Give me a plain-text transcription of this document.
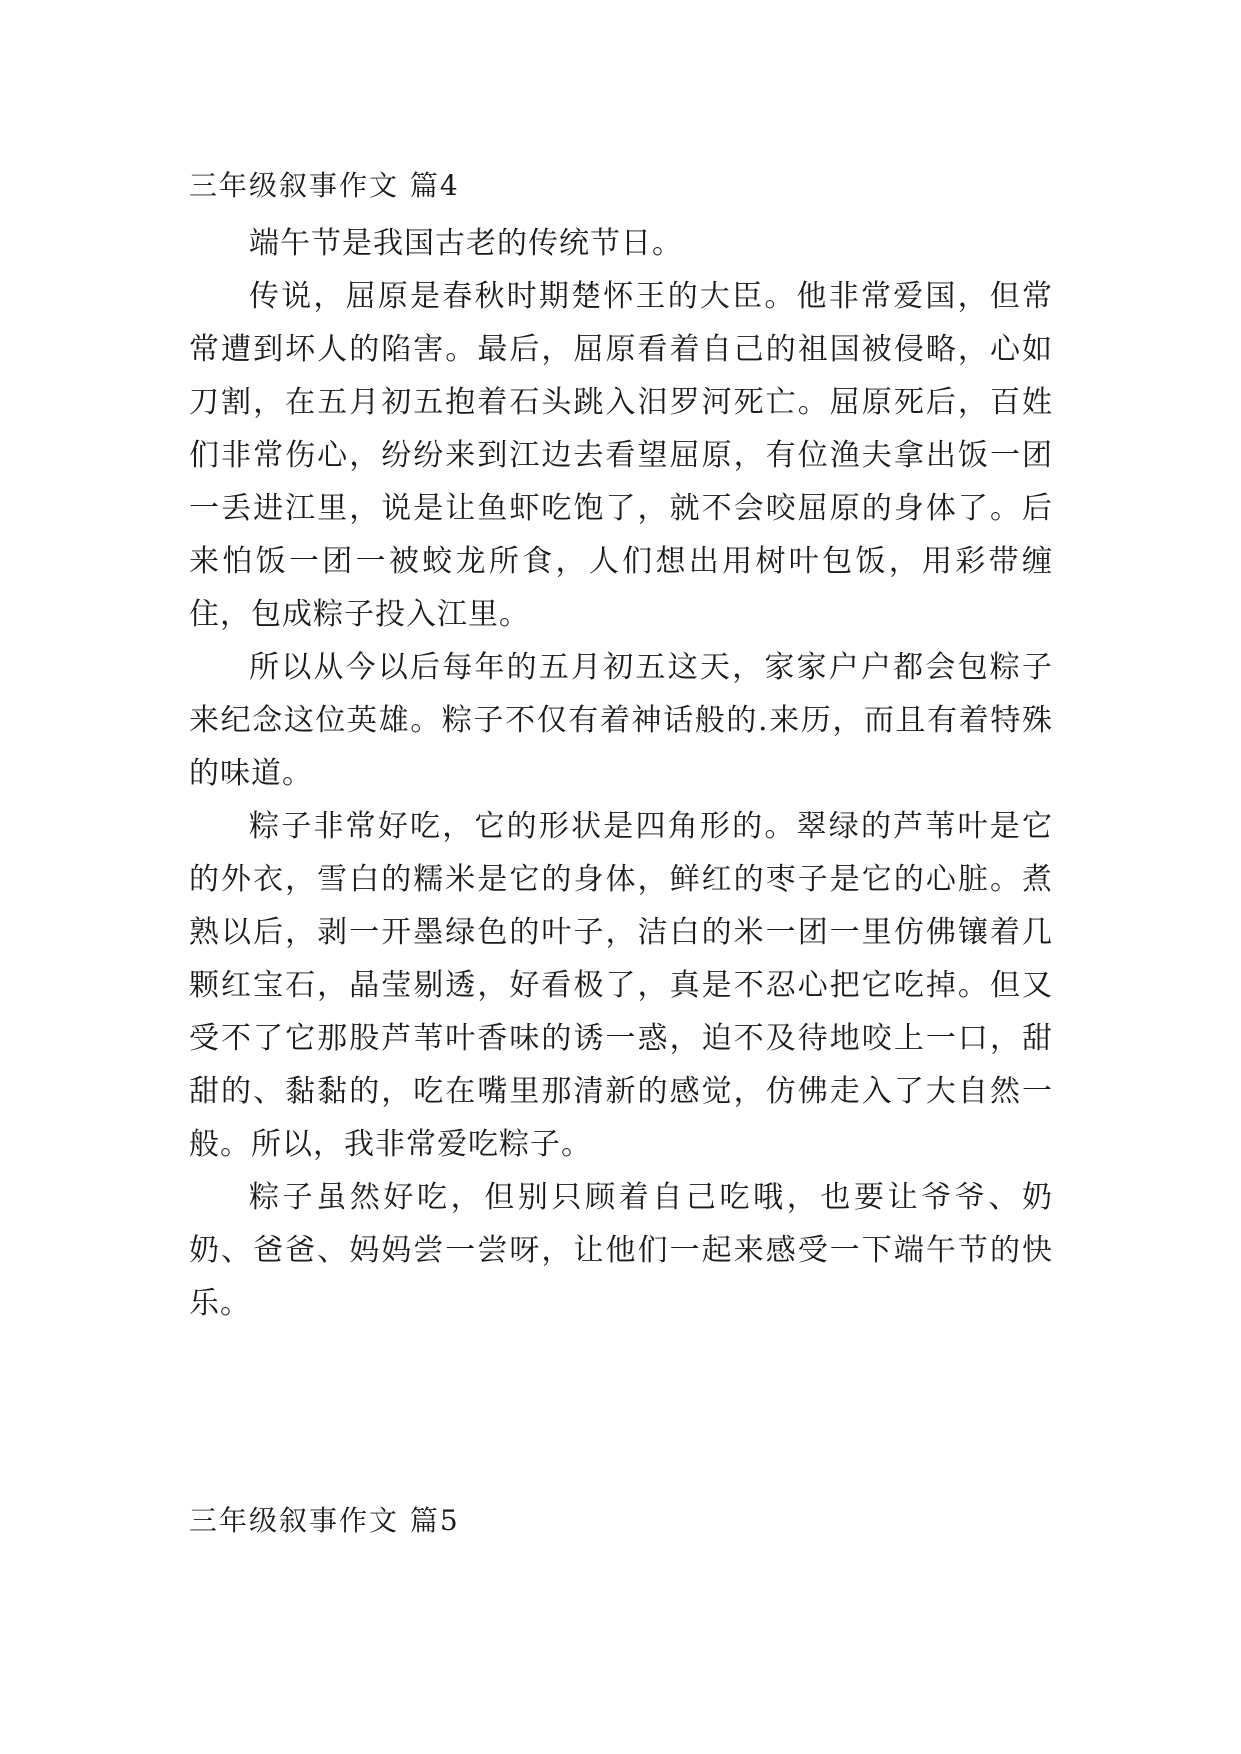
三年级叙事作文 篇4

端午节是我国古老的传统节日。

传说，屈原是春秋时期楚怀王的大臣。他非常爱国，但常常遭到坏人的陷害。最后，屈原看着自己的祖国被侵略，心如刀割，在五月初五抱着石头跳入汨罗河死亡。屈原死后，百姓们非常伤心，纷纷来到江边去看望屈原，有位渔夫拿出饭一团一丢进江里，说是让鱼虾吃饱了，就不会咬屈原的身体了。后来怕饭一团一被蛟龙所食，人们想出用树叶包饭，用彩带缠住，包成粽子投入江里。

所以从今以后每年的五月初五这天，家家户户都会包粽子来纪念这位英雄。粽子不仅有着神话般的.来历，而且有着特殊的味道。

粽子非常好吃，它的形状是四角形的。翠绿的芦苇叶是它的外衣，雪白的糯米是它的身体，鲜红的枣子是它的心脏。煮熟以后，剥一开墨绿色的叶子，洁白的米一团一里仿佛镶着几颗红宝石，晶莹剔透，好看极了，真是不忍心把它吃掉。但又受不了它那股芦苇叶香味的诱一惑，迫不及待地咬上一口，甜甜的、黏黏的，吃在嘴里那清新的感觉，仿佛走入了大自然一般。所以，我非常爱吃粽子。

粽子虽然好吃，但别只顾着自己吃哦，也要让爷爷、奶奶、爸爸、妈妈尝一尝呀，让他们一起来感受一下端午节的快乐。

三年级叙事作文 篇5
